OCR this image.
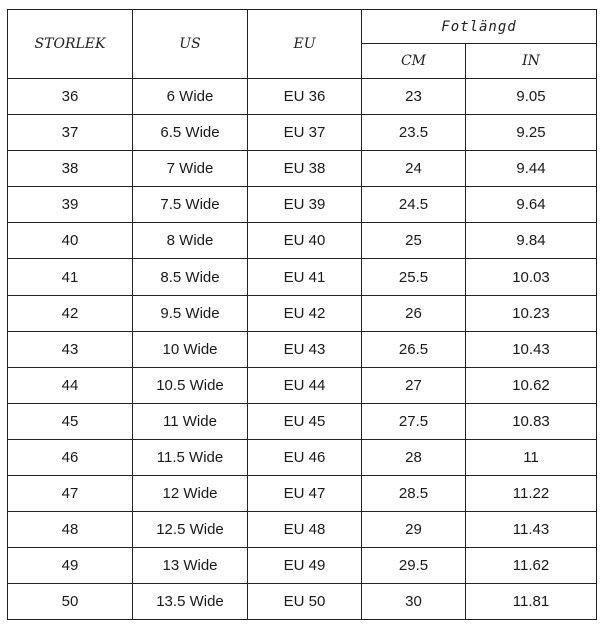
STORLEK	US	EU	Fotlängd	
			CM	IN
36	6 Wide	EU 36	23	9.05
37	6.5 Wide	EU 37	23.5	9.25
38	7 Wide	EU 38	24	9.44
39	7.5 Wide	EU 39	24.5	9.64
40	8 Wide	EU 40	25	9.84
41	8.5 Wide	EU 41	25.5	10.03
42	9.5 Wide	EU 42	26	10.23
43	10 Wide	EU 43	26.5	10.43
44	10.5 Wide	EU 44	27	10.62
45	11 Wide	EU 45	27.5	10.83
46	11.5 Wide	EU 46	28	11
47	12 Wide	EU 47	28.5	11.22
48	12.5 Wide	EU 48	29	11.43
49	13 Wide	EU 49	29.5	11.62
50	13.5 Wide	EU 50	30	11.81
